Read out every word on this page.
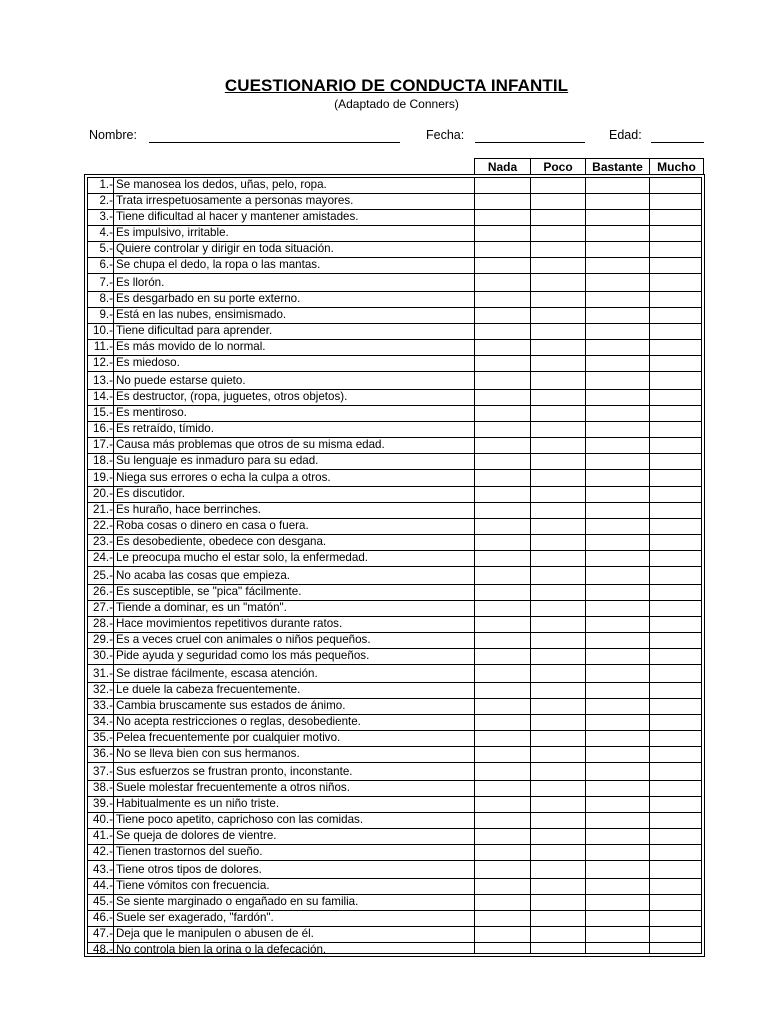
CUESTIONARIO DE CONDUCTA INFANTIL
(Adaptado de Conners)
Nombre:	Fecha:	Edad:
Nada	Poco	Bastante	Mucho
1.- Se manosea los dedos, uñas, pelo, ropa.
2.- Trata irrespetuosamente a personas mayores.
3.- Tiene dificultad al hacer y mantener amistades.
4.- Es impulsivo, irritable.
5.- Quiere controlar y dirigir en toda situación.
6.- Se chupa el dedo, la ropa o las mantas.
7.- Es llorón.
8.- Es desgarbado en su porte externo.
9.- Está en las nubes, ensimismado.
10.- Tiene dificultad para aprender.
11.- Es más movido de lo normal.
12.- Es miedoso.
13.- No puede estarse quieto.
14.- Es destructor, (ropa, juguetes, otros objetos).
15.- Es mentiroso.
16.- Es retraído, tímido.
17.- Causa más problemas que otros de su misma edad.
18.- Su lenguaje es inmaduro para su edad.
19.- Niega sus errores o echa la culpa a otros.
20.- Es discutidor.
21.- Es huraño, hace berrinches.
22.- Roba cosas o dinero en casa o fuera.
23.- Es desobediente, obedece con desgana.
24.- Le preocupa mucho el estar solo, la enfermedad.
25.- No acaba las cosas que empieza.
26.- Es susceptible, se "pica" fácilmente.
27.- Tiende a dominar, es un "matón".
28.- Hace movimientos repetitivos durante ratos.
29.- Es a veces cruel con animales o niños pequeños.
30.- Pide ayuda y seguridad como los más pequeños.
31.- Se distrae fácilmente, escasa atención.
32.- Le duele la cabeza frecuentemente.
33.- Cambia bruscamente sus estados de ánimo.
34.- No acepta restricciones o reglas, desobediente.
35.- Pelea frecuentemente por cualquier motivo.
36.- No se lleva bien con sus hermanos.
37.- Sus esfuerzos se frustran pronto, inconstante.
38.- Suele molestar frecuentemente a otros niños.
39.- Habitualmente es un niño triste.
40.- Tiene poco apetito, caprichoso con las comidas.
41.- Se queja de dolores de vientre.
42.- Tienen trastornos del sueño.
43.- Tiene otros tipos de dolores.
44.- Tiene vómitos con frecuencia.
45.- Se siente marginado o engañado en su familia.
46.- Suele ser exagerado, "fardón".
47.- Deja que le manipulen o abusen de él.
48.- No controla bien la orina o la defecación.
